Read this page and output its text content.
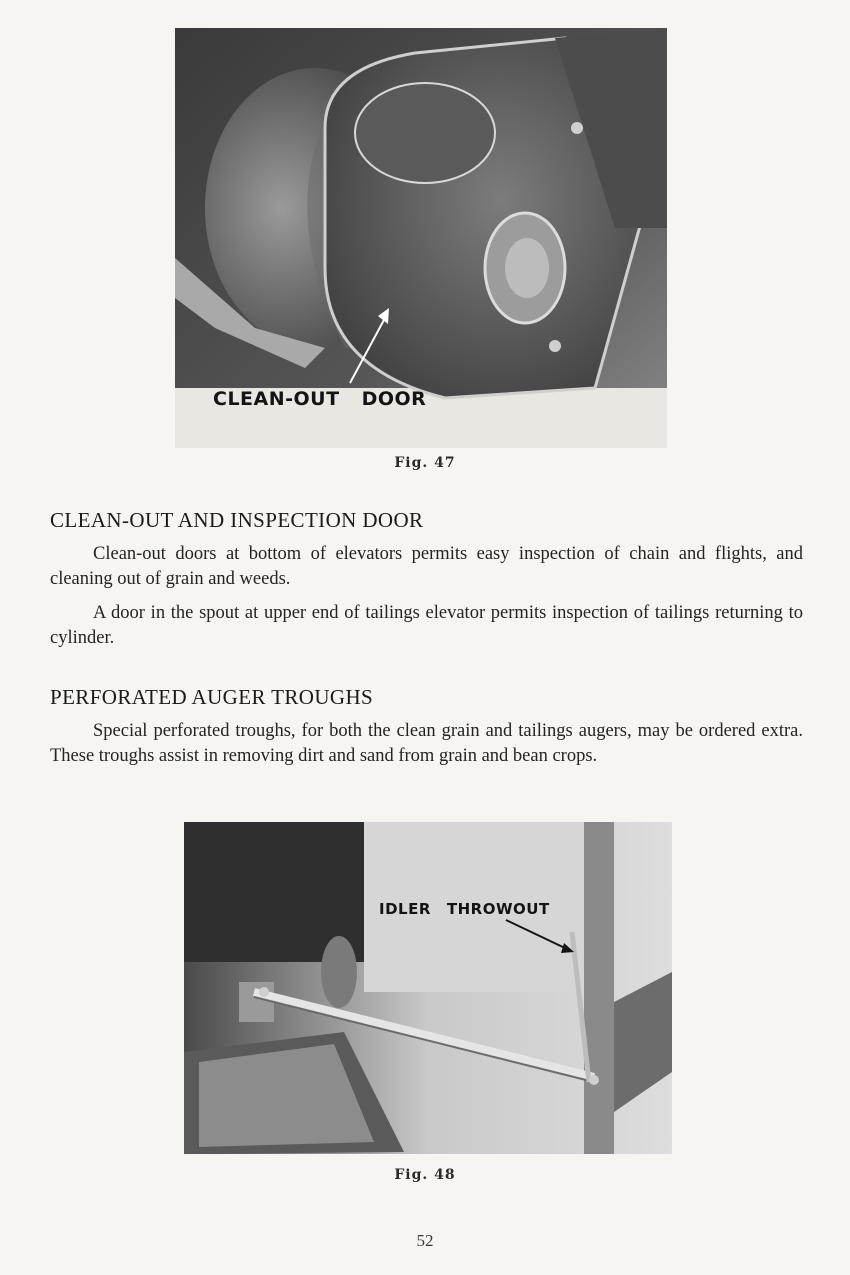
CLEAN-OUT DOOR
Fig. 47
CLEAN-OUT AND INSPECTION DOOR

Clean-out doors at bottom of elevators permits easy inspection of chain and flights, and cleaning out of grain and weeds.

A door in the spout at upper end of tailings elevator permits inspection of tailings returning to cylinder.

PERFORATED AUGER TROUGHS

Special perforated troughs, for both the clean grain and tailings augers, may be ordered extra. These troughs assist in removing dirt and sand from grain and bean crops.

IDLER THROWOUT
Fig. 48
52
